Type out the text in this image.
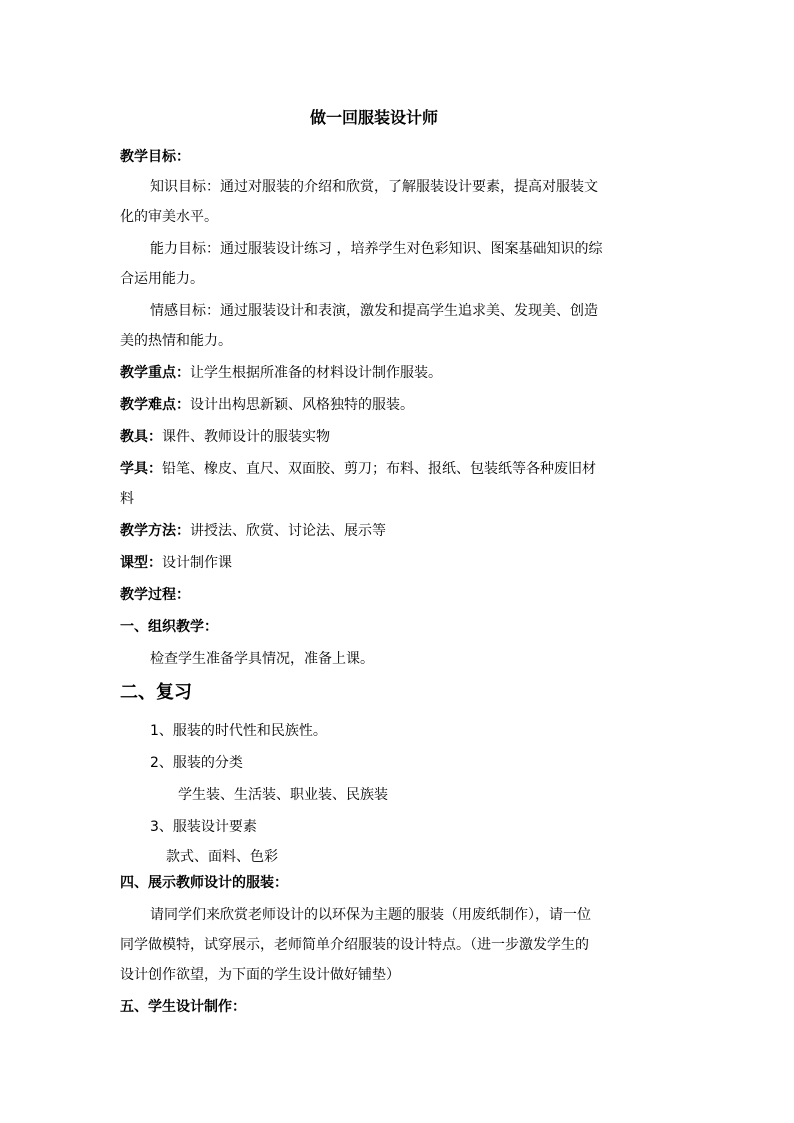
做一回服装设计师
教学目标：
知识目标：通过对服装的介绍和欣赏，了解服装设计要素，提高对服装文
化的审美水平。
能力目标：通过服装设计练习 ，培养学生对色彩知识、图案基础知识的综
合运用能力。
情感目标：通过服装设计和表演，激发和提高学生追求美、发现美、创造
美的热情和能力。
教学重点：让学生根据所准备的材料设计制作服装。
教学难点：设计出构思新颖、风格独特的服装。
教具：课件、教师设计的服装实物
学具：铅笔、橡皮、直尺、双面胶、剪刀；布料、报纸、包装纸等各种废旧材
料
教学方法：讲授法、欣赏、讨论法、展示等
课型：设计制作课
教学过程：
一、组织教学：
检查学生准备学具情况，准备上课。
二、复习
1、服装的时代性和民族性。
2、服装的分类
学生装、生活装、职业装、民族装
3、服装设计要素
款式、面料、色彩
四、展示教师设计的服装：
请同学们来欣赏老师设计的以环保为主题的服装（用废纸制作），请一位
同学做模特，试穿展示，老师简单介绍服装的设计特点。（进一步激发学生的
设计创作欲望，为下面的学生设计做好铺垫）
五、学生设计制作：
